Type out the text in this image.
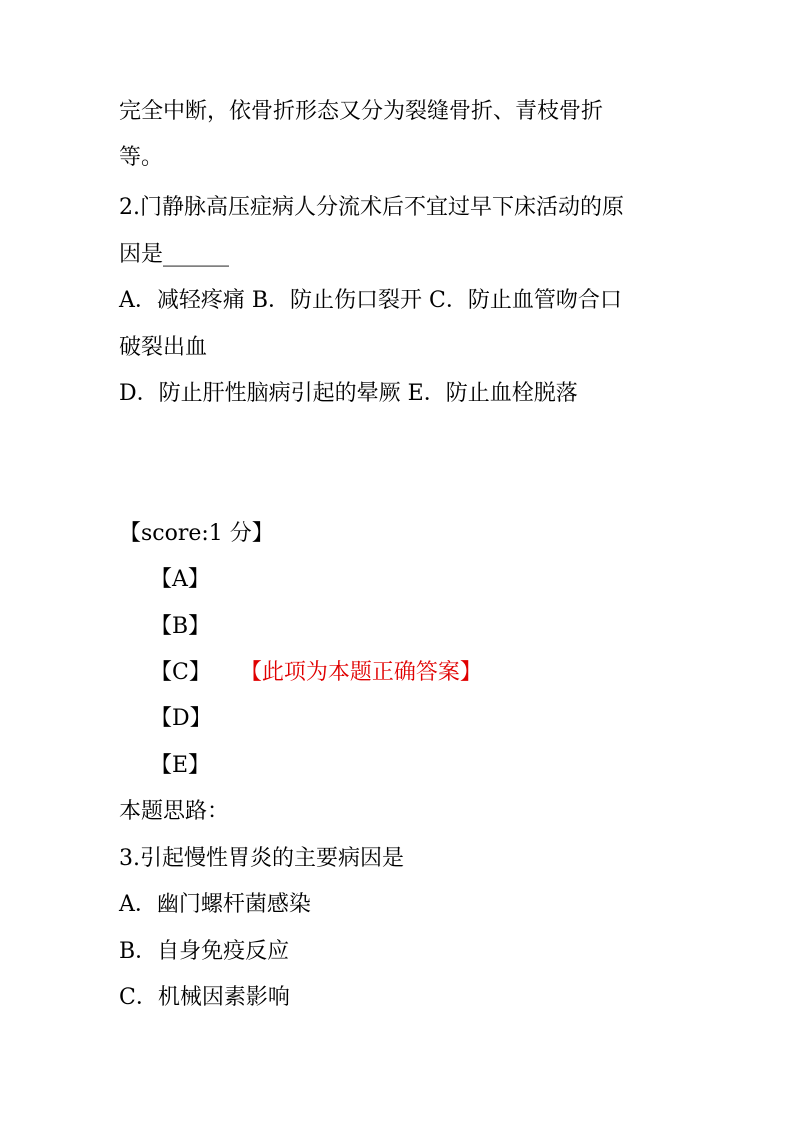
完全中断，依骨折形态又分为裂缝骨折、青枝骨折
等。
2.门静脉高压症病人分流术后不宜过早下床活动的原
因是______
A．减轻疼痛 B．防止伤口裂开 C．防止血管吻合口
破裂出血
D．防止肝性脑病引起的晕厥 E．防止血栓脱落
【score:1 分】
【A】
【B】
【C】 【此项为本题正确答案】
【D】
【E】
本题思路：
3.引起慢性胃炎的主要病因是
A．幽门螺杆菌感染
B．自身免疫反应
C．机械因素影响
